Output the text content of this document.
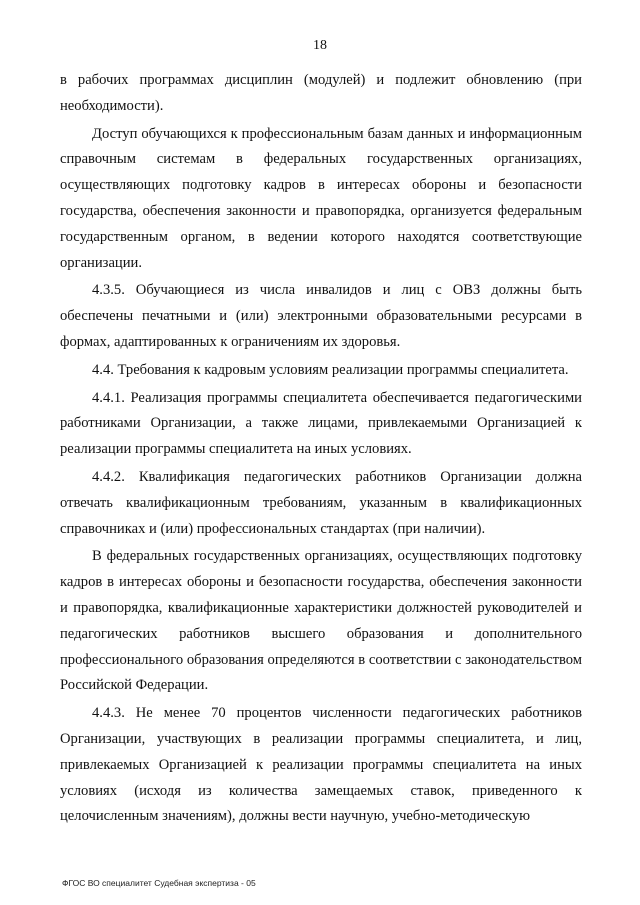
18

в рабочих программах дисциплин (модулей) и подлежит обновлению (при необходимости).

Доступ обучающихся к профессиональным базам данных и информационным справочным системам в федеральных государственных организациях, осуществляющих подготовку кадров в интересах обороны и безопасности государства, обеспечения законности и правопорядка, организуется федеральным государственным органом, в ведении которого находятся соответствующие организации.

4.3.5. Обучающиеся из числа инвалидов и лиц с ОВЗ должны быть обеспечены печатными и (или) электронными образовательными ресурсами в формах, адаптированных к ограничениям их здоровья.

4.4. Требования к кадровым условиям реализации программы специалитета.

4.4.1. Реализация программы специалитета обеспечивается педагогическими работниками Организации, а также лицами, привлекаемыми Организацией к реализации программы специалитета на иных условиях.

4.4.2. Квалификация педагогических работников Организации должна отвечать квалификационным требованиям, указанным в квалификационных справочниках и (или) профессиональных стандартах (при наличии).

В федеральных государственных организациях, осуществляющих подготовку кадров в интересах обороны и безопасности государства, обеспечения законности и правопорядка, квалификационные характеристики должностей руководителей и педагогических работников высшего образования и дополнительного профессионального образования определяются в соответствии с законодательством Российской Федерации.

4.4.3. Не менее 70 процентов численности педагогических работников Организации, участвующих в реализации программы специалитета, и лиц, привлекаемых Организацией к реализации программы специалитета на иных условиях (исходя из количества замещаемых ставок, приведенного к целочисленным значениям), должны вести научную, учебно-методическую

ФГОС ВО специалитет Судебная экспертиза - 05
